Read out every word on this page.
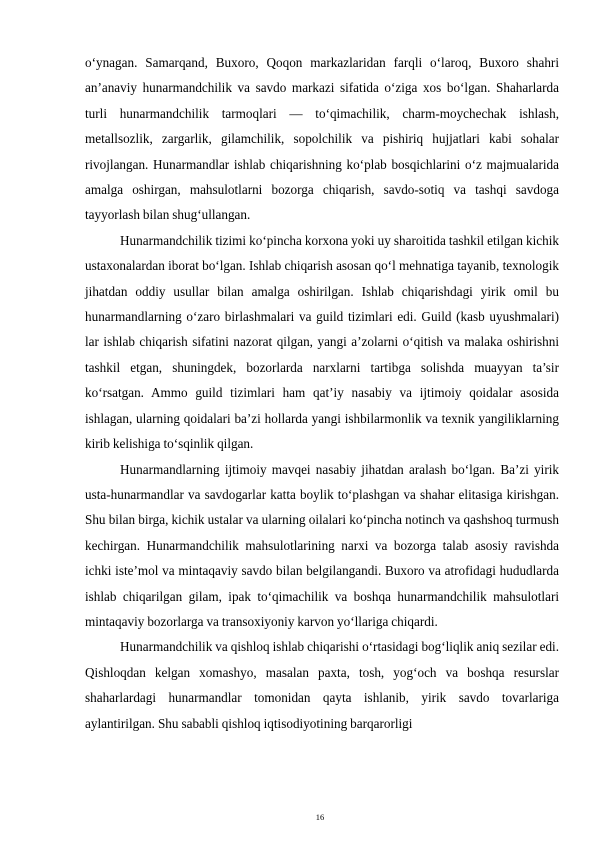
o‘ynagan. Samarqand, Buxoro, Qoqon markazlaridan farqli o‘laroq, Buxoro shahri an’anaviy hunarmandchilik va savdo markazi sifatida o‘ziga xos bo‘lgan. Shaharlarda turli hunarmandchilik tarmoqlari — to‘qimachilik, charm-moychechak ishlash, metallsozlik, zargarlik, gilamchilik, sopolchilik va pishiriq hujjatlari kabi sohalar rivojlangan. Hunarmandlar ishlab chiqarishning ko‘plab bosqichlarini o‘z majmualarida amalga oshirgan, mahsulotlarni bozorga chiqarish, savdo-sotiq va tashqi savdoga tayyorlash bilan shug‘ullangan.

Hunarmandchilik tizimi ko‘pincha korxona yoki uy sharoitida tashkil etilgan kichik ustaxonalardan iborat bo‘lgan. Ishlab chiqarish asosan qo‘l mehnatiga tayanib, texnologik jihatdan oddiy usullar bilan amalga oshirilgan. Ishlab chiqarishdagi yirik omil bu hunarmandlarning o‘zaro birlashmalari va guild tizimlari edi. Guild (kasb uyushmalari) lar ishlab chiqarish sifatini nazorat qilgan, yangi a’zolarni o‘qitish va malaka oshirishni tashkil etgan, shuningdek, bozorlarda narxlarni tartibga solishda muayyan ta’sir ko‘rsatgan. Ammo guild tizimlari ham qat’iy nasabiy va ijtimoiy qoidalar asosida ishlagan, ularning qoidalari ba’zi hollarda yangi ishbilarmonlik va texnik yangiliklarning kirib kelishiga to‘sqinlik qilgan.

Hunarmandlarning ijtimoiy mavqei nasabiy jihatdan aralash bo‘lgan. Ba’zi yirik usta-hunarmandlar va savdogarlar katta boylik to‘plashgan va shahar elitasiga kirishgan. Shu bilan birga, kichik ustalar va ularning oilalari ko‘pincha notinch va qashshoq turmush kechirgan. Hunarmandchilik mahsulotlarining narxi va bozorga talab asosiy ravishda ichki iste’mol va mintaqaviy savdo bilan belgilangandi. Buxoro va atrofidagi hududlarda ishlab chiqarilgan gilam, ipak to‘qimachilik va boshqa hunarmandchilik mahsulotlari mintaqaviy bozorlarga va transoxiyoniy karvon yo‘llariga chiqardi.

Hunarmandchilik va qishloq ishlab chiqarishi o‘rtasidagi bog‘liqlik aniq sezilar edi. Qishloqdan kelgan xomashyo, masalan paxta, tosh, yog‘och va boshqa resurslar shaharlardagi hunarmandlar tomonidan qayta ishlanib, yirik savdo tovarlariga aylantirilgan. Shu sababli qishloq iqtisodiyotining barqarorligi

16
